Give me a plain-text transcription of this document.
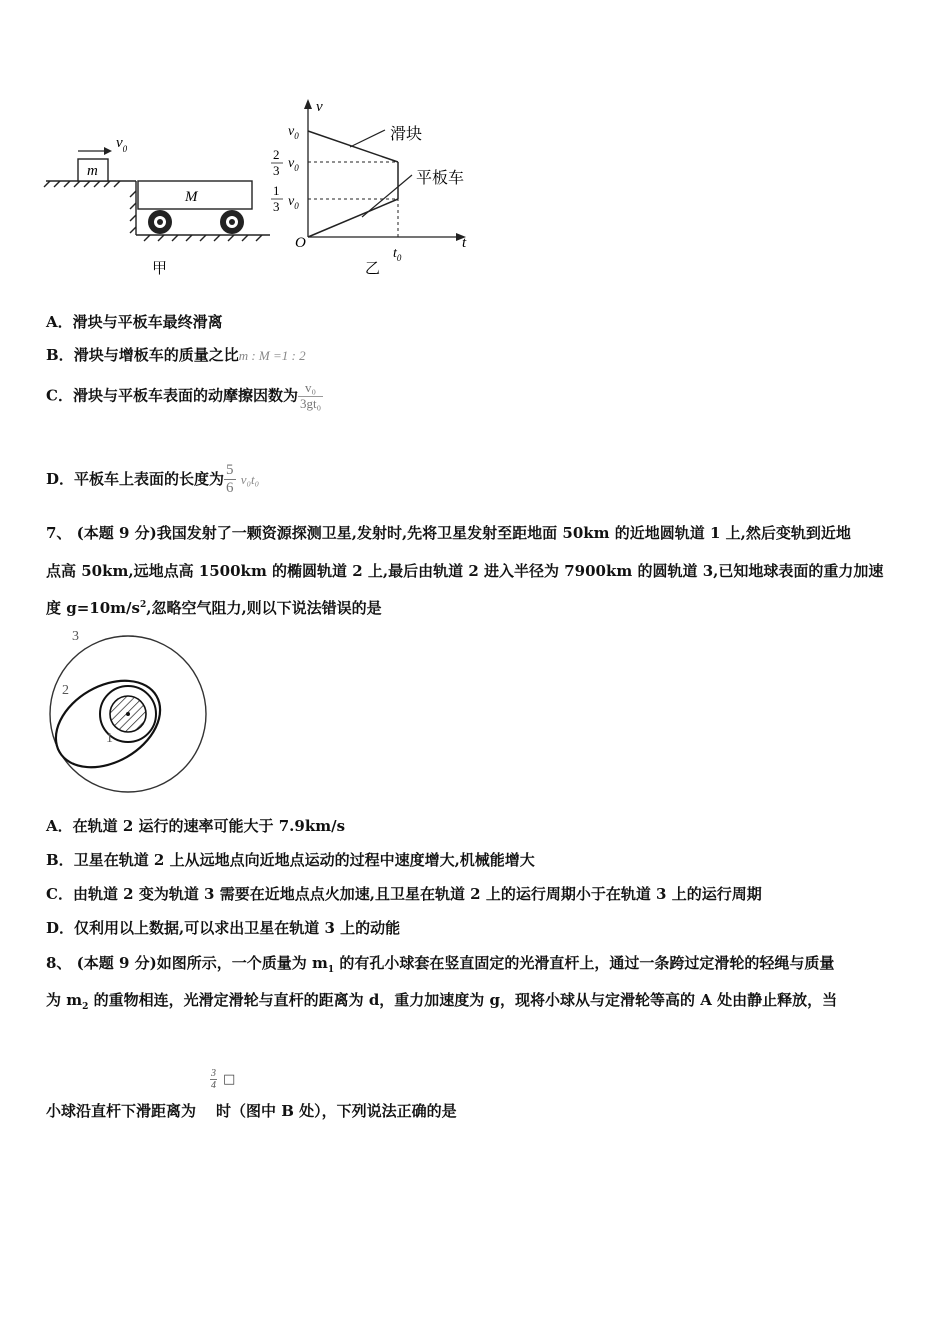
m
$v_0$
M
甲
v
t
O
$v_0$
2
3 $v_0$
1
3 $v_0$
$t_0$
滑块
平板车
乙
A．滑块与平板车最终滑离
B．滑块与增板车的质量之比m : M =1 : 2
C．滑块与平板车表面的动摩擦因数为 $\frac{\text{v₀}}{\text{3gt₀}}$
D．平板车上表面的长度为 $\frac{5}{6} v_0t_0$
7、 (本题 9 分)我国发射了一颗资源探测卫星,发射时,先将卫星发射至距地面 50km 的近地圆轨道 1 上,然后变轨到近地
点高 50km,远地点高 1500km 的椭圆轨道 2 上,最后由轨道 2 进入半径为 7900km 的圆轨道 3,已知地球表面的重力加速
度 $g=10m/s^2$,忽略空气阻力,则以下说法错误的是
3
2
1
A．在轨道 2 运行的速率可能大于 7.9km/s
B．卫星在轨道 2 上从远地点向近地点运动的过程中速度增大,机械能增大
C．由轨道 2 变为轨道 3 需要在近地点点火加速,且卫星在轨道 2 上的运行周期小于在轨道 3 上的运行周期
D．仅利用以上数据,可以求出卫星在轨道 3 上的动能
8、 (本题 9 分)如图所示，一个质量为 $m_1$ 的有孔小球套在竖直固定的光滑直杆上，通过一条跨过定滑轮的轻绳与质量
为 $m_2$ 的重物相连，光滑定滑轮与直杆的距离为 d，重力加速度为 g，现将小球从与定滑轮等高的 A 处由静止释放，当
3
4 □
小球沿直杆下滑距离为 时（图中 B 处），下列说法正确的是
